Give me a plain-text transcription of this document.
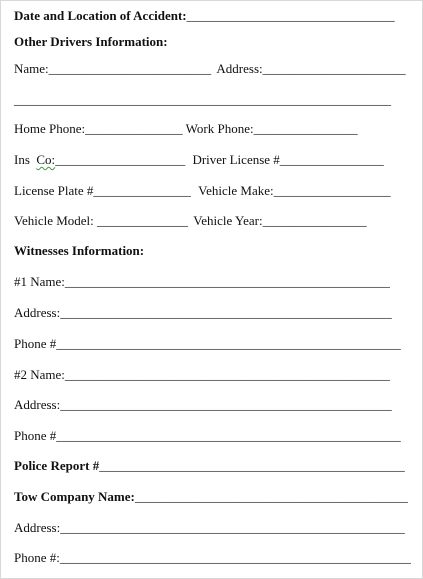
Date and Location of Accident:________________________________
Other Drivers Information:
Name:_________________________ Address:______________________
__________________________________________________________
Home Phone:_______________ Work Phone:________________
Ins Co:____________________ Driver License #________________
License Plate #_______________ Vehicle Make:__________________
Vehicle Model: ______________ Vehicle Year:________________
Witnesses Information:
#1 Name:__________________________________________________
Address:___________________________________________________
Phone #_____________________________________________________
#2 Name:__________________________________________________
Address:___________________________________________________
Phone #_____________________________________________________
Police Report #_______________________________________________
Tow Company Name:__________________________________________
Address:_____________________________________________________
Phone #:______________________________________________________
